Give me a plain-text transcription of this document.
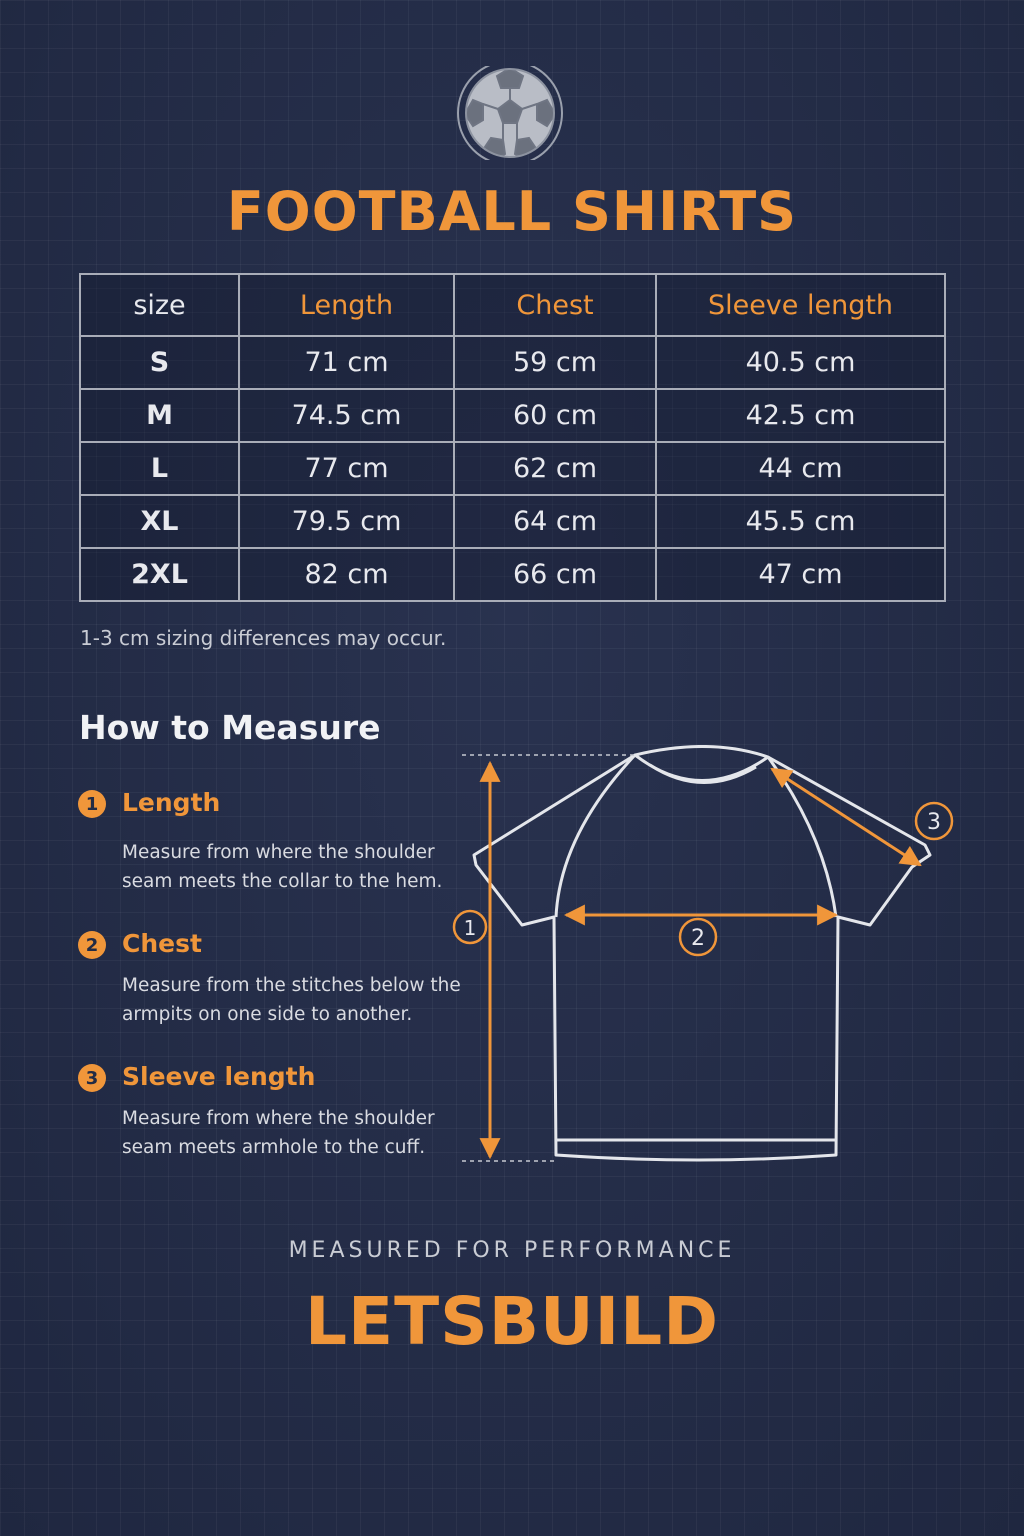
FOOTBALL SHIRTS
size	Length	Chest	Sleeve length
S	71 cm	59 cm	40.5 cm
M	74.5 cm	60 cm	42.5 cm
L	77 cm	62 cm	44 cm
XL	79.5 cm	64 cm	45.5 cm
2XL	82 cm	66 cm	47 cm
1-3 cm sizing differences may occur.
How to Measure
1 Length
Measure from where the shoulder
seam meets the collar to the hem.
2 Chest
Measure from the stitches below the
armpits on one side to another.
3 Sleeve length
Measure from where the shoulder
seam meets armhole to the cuff.
1	2
3
MEASURED FOR PERFORMANCE
LETSBUILD
